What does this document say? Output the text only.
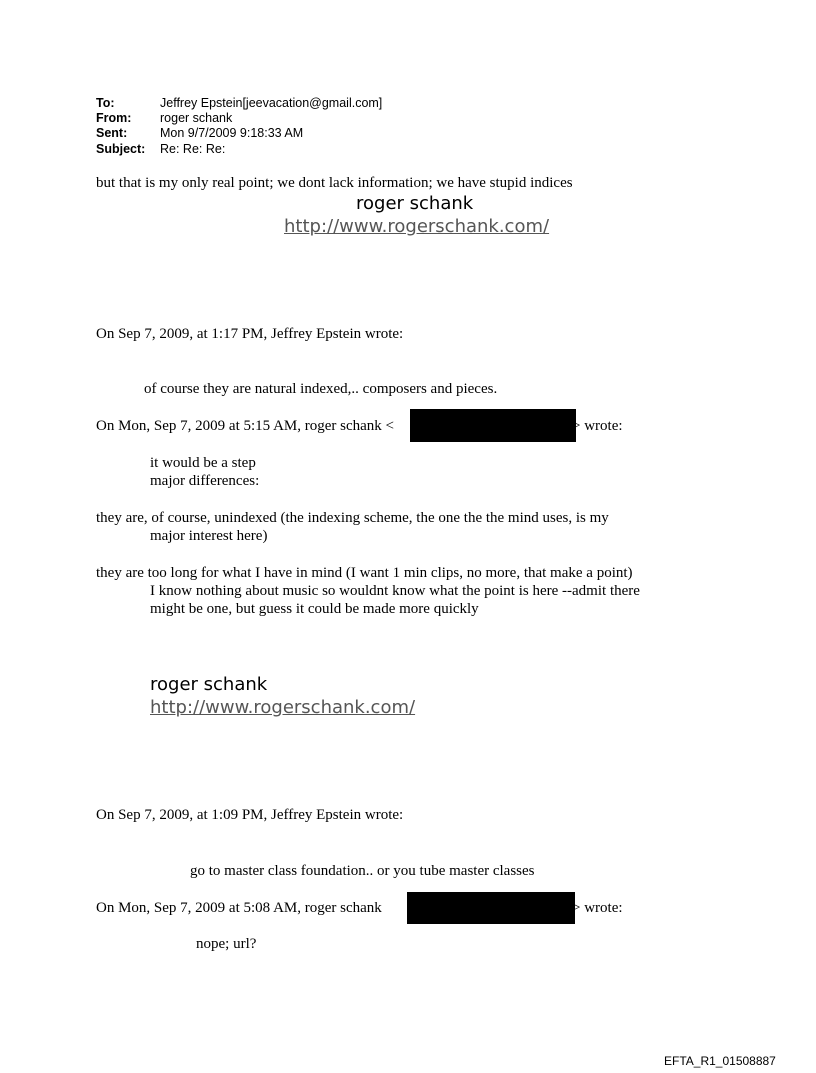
To:	Jeffrey Epstein[jeevacation@gmail.com]
From: roger schank
Sent:	Mon 9/7/2009 9:18:33 AM
Subject: Re: Re: Re:
but that is my only real point; we dont lack information; we have stupid indices
roger schank
http://www.rogerschank.com/
On Sep 7, 2009, at 1:17 PM, Jeffrey Epstein wrote:
of course they are natural indexed,.. composers and pieces.
On Mon, Sep 7, 2009 at 5:15 AM, roger schank <	> wrote:
it would be a step
major differences:
they are, of course, unindexed (the indexing scheme, the one the the mind uses, is my
major interest here)
they are too long for what I have in mind (I want 1 min clips, no more, that make a point)
I know nothing about music so wouldnt know what the point is here --admit there
might be one, but guess it could be made more quickly
roger schank
http://www.rogerschank.com/
On Sep 7, 2009, at 1:09 PM, Jeffrey Epstein wrote:
go to master class foundation.. or you tube master classes
On Mon, Sep 7, 2009 at 5:08 AM, roger schank	> wrote:
nope; url?
EFTA_R1_01508887
